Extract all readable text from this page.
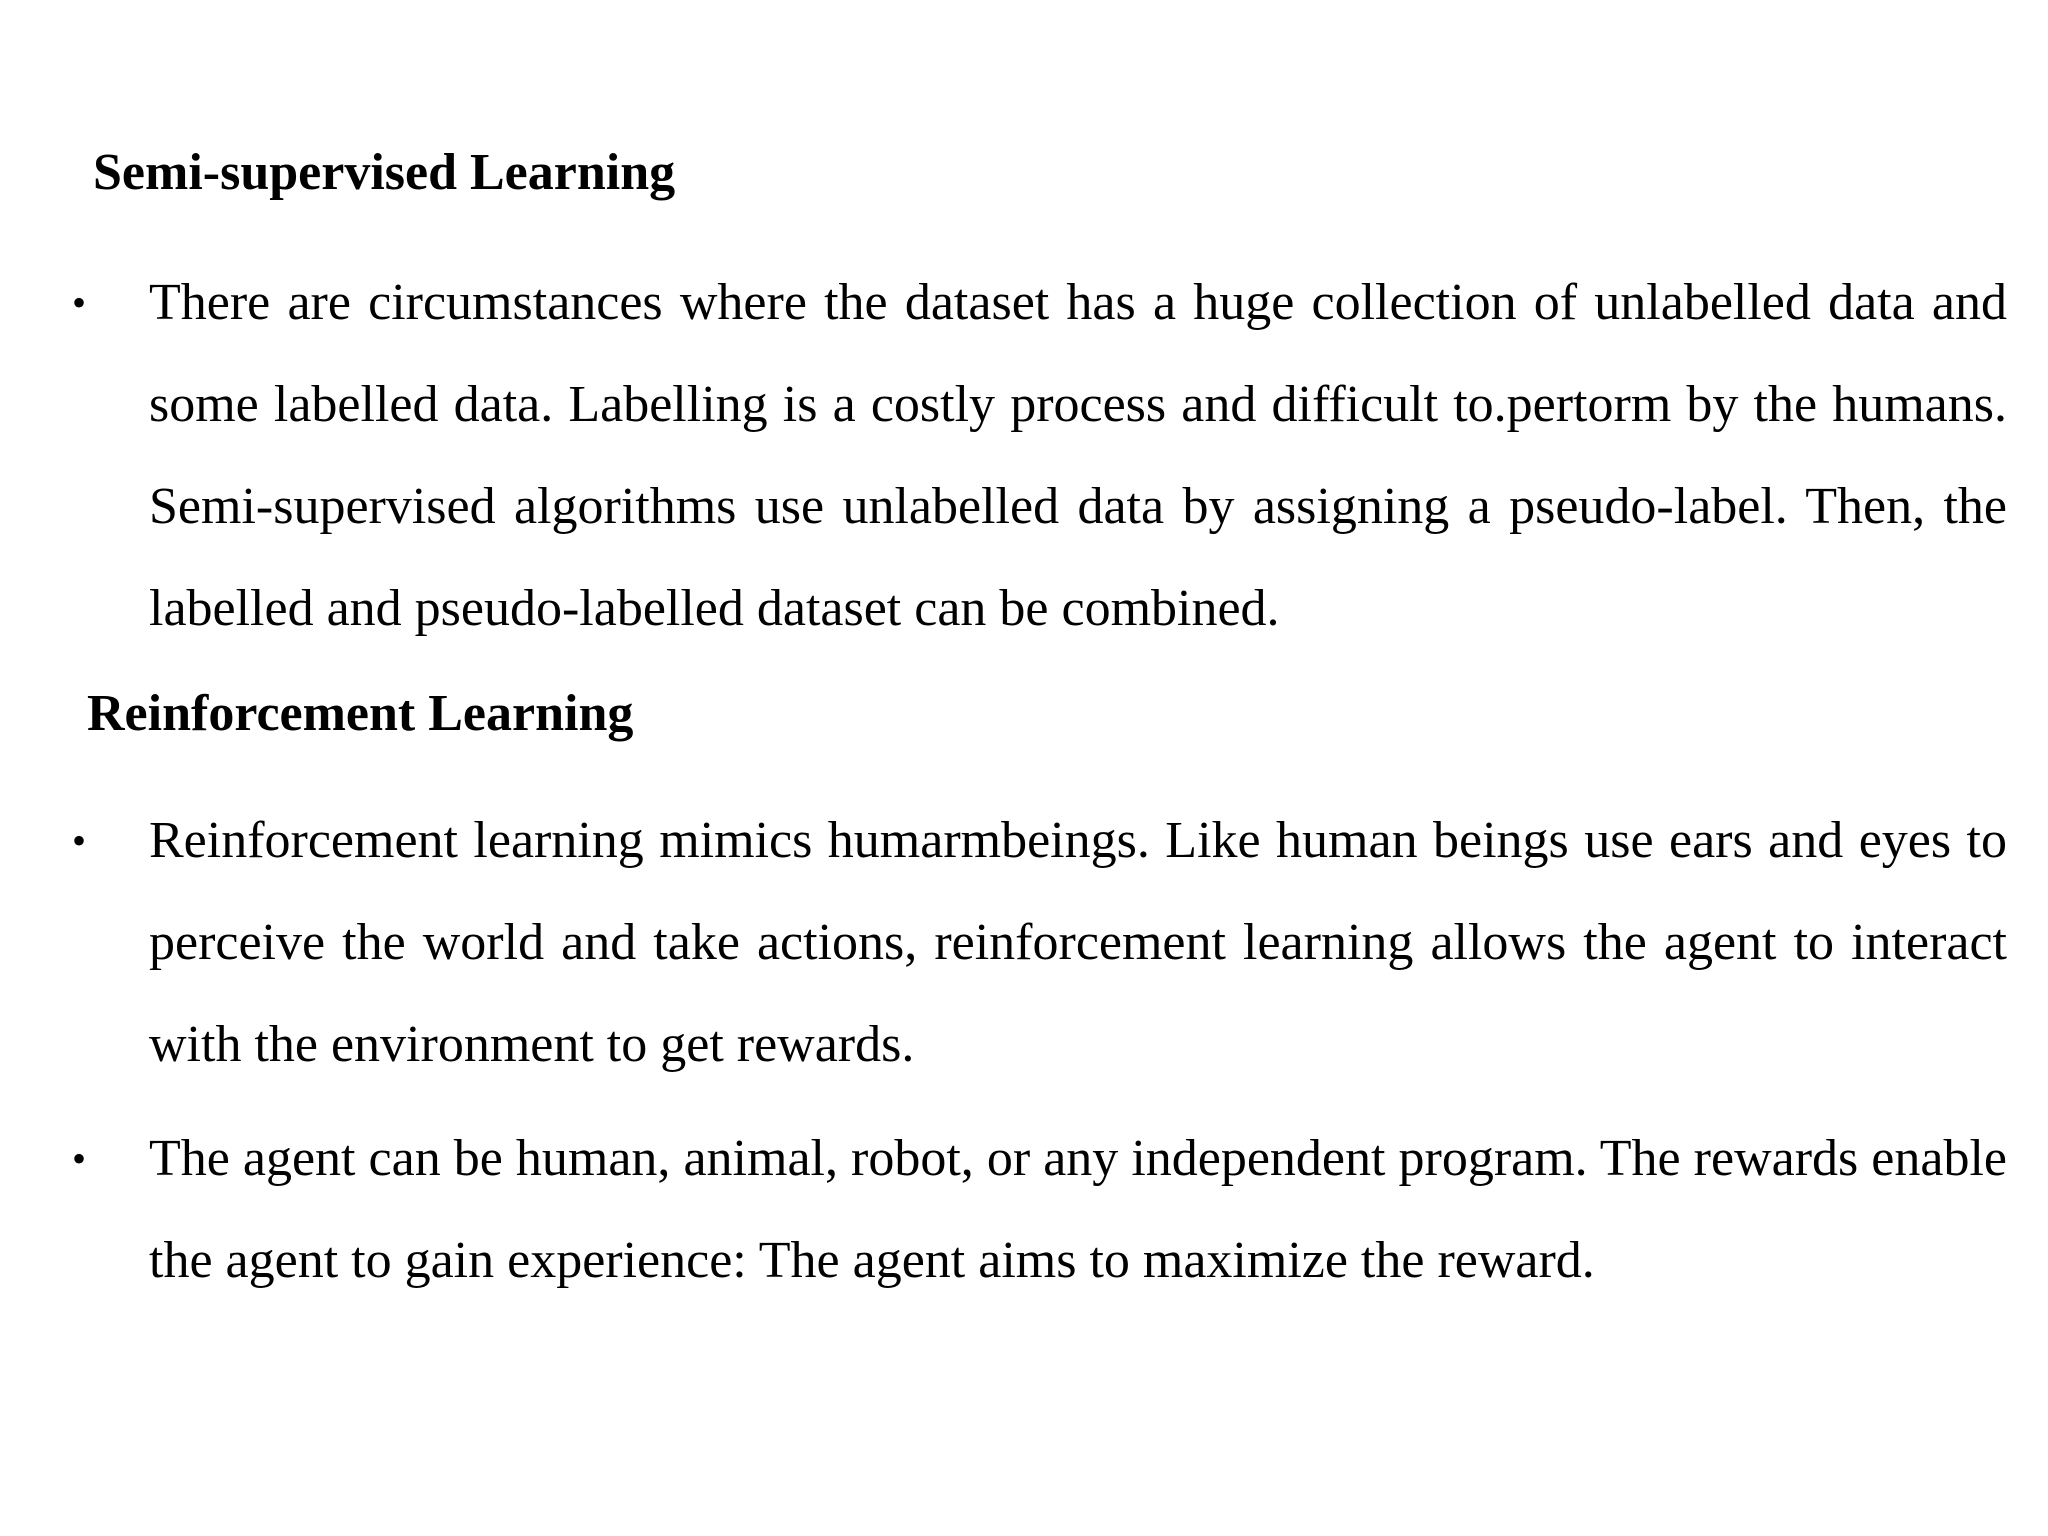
Semi-supervised Learning
• There are circumstances where the dataset has a huge collection of unlabelled data and some labelled data. Labelling is a costly process and difficult to.pertorm by the humans. Semi-supervised algorithms use unlabelled data by assigning a pseudo-label. Then, the labelled and pseudo-labelled dataset can be combined.

Reinforcement Learning
• Reinforcement learning mimics humarmbeings. Like human beings use ears and eyes to perceive the world and take actions, reinforcement learning allows the agent to interact with the environment to get rewards.

• The agent can be human, animal, robot, or any independent program. The rewards enable the agent to gain experience: The agent aims to maximize the reward.
